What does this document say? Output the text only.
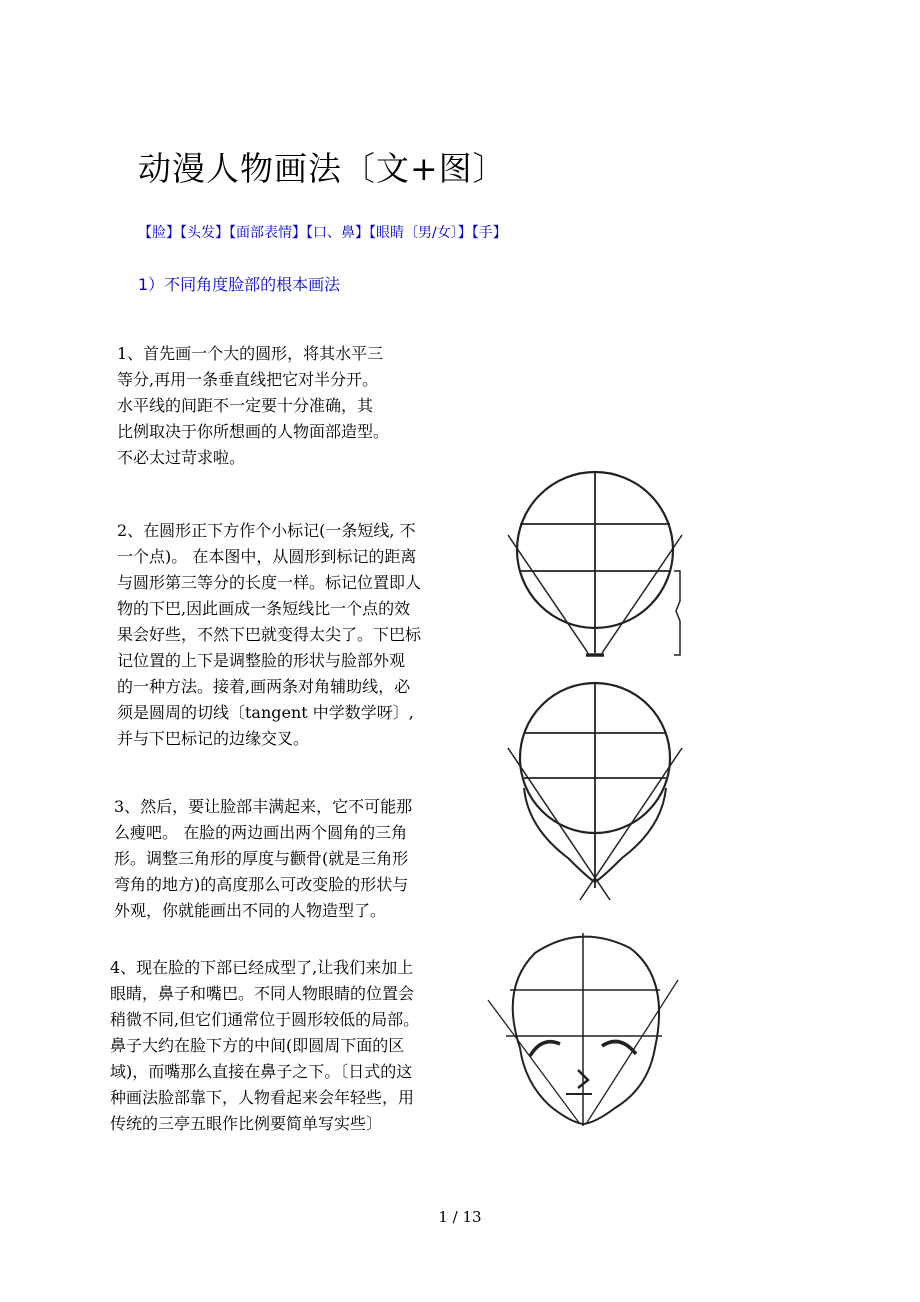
动漫人物画法〔文+图〕
【脸】【头发】【面部表情】【口、鼻】【眼睛〔男/女〕】【手】
1）不同角度脸部的根本画法
1、首先画一个大的圆形，将其水平三
等分,再用一条垂直线把它对半分开。
水平线的间距不一定要十分准确，其
比例取决于你所想画的人物面部造型。
不必太过苛求啦。
2、在圆形正下方作个小标记(一条短线, 不
一个点)。 在本图中，从圆形到标记的距离
与圆形第三等分的长度一样。标记位置即人
物的下巴,因此画成一条短线比一个点的效
果会好些，不然下巴就变得太尖了。下巴标
记位置的上下是调整脸的形状与脸部外观
的一种方法。接着,画两条对角辅助线，必
须是圆周的切线〔tangent 中学数学呀〕,
并与下巴标记的边缘交叉。
3、然后，要让脸部丰满起来，它不可能那
么瘦吧。 在脸的两边画出两个圆角的三角
形。调整三角形的厚度与颧骨(就是三角形
弯角的地方)的高度那么可改变脸的形状与
外观，你就能画出不同的人物造型了。
4、现在脸的下部已经成型了,让我们来加上
眼睛，鼻子和嘴巴。不同人物眼睛的位置会
稍微不同,但它们通常位于圆形较低的局部。
鼻子大约在脸下方的中间(即圆周下面的区
域)，而嘴那么直接在鼻子之下。〔日式的这
种画法脸部靠下，人物看起来会年轻些，用
传统的三亭五眼作比例要简单写实些〕
1 / 13
